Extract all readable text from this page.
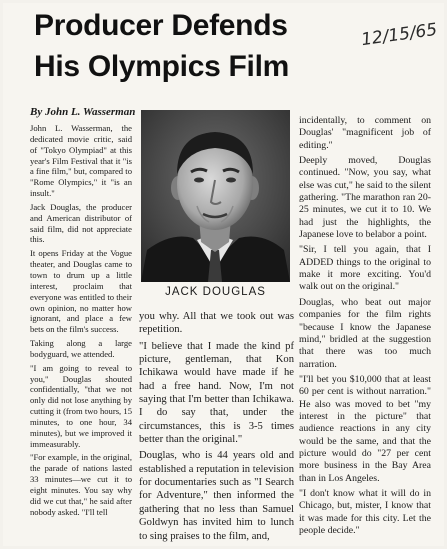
Producer Defends
His Olympics Film
12/15/65
By John L. Wasserman

John L. Wasserman, the dedicated movie critic, said of "Tokyo Olympiad" at this year's Film Festival that it "is a fine film," but, compared to "Rome Olympics," it "is an insult."

Jack Douglas, the producer and American distributor of said film, did not appreciate this.

It opens Friday at the Vogue theater, and Douglas came to town to drum up a little interest, proclaim that everyone was entitled to their own opinion, no matter how ignorant, and place a few bets on the film's success.

Taking along a large bodyguard, we attended.

"I am going to reveal to you," Douglas shouted confidentially, "that we not only did not lose anything by cutting it (from two hours, 15 minutes, to one hour, 34 minutes), but we improved it immeasurably.

"For example, in the original, the parade of nations lasted 33 minutes—we cut it to eight minutes. You say why did we cut that," he said after nobody asked. "I'll tell

JACK DOUGLAS

you why. All that we took out was repetition.

"I believe that I made the kind pf picture, gentleman, that Kon Ichikawa would have made if he had a free hand. Now, I'm not saying that I'm better than Ichikawa. I do say that, under the circumstances, this is 3-5 times better than the original."

Douglas, who is 44 years old and established a reputation in television for documentaries such as "I Search for Adventure," then informed the gathering that no less than Samuel Goldwyn has invited him to lunch to sing praises to the film, and,

incidentally, to comment on Douglas' "magnificent job of editing."

Deeply moved, Douglas continued. "Now, you say, what else was cut," he said to the silent gathering. "The marathon ran 20-25 minutes, we cut it to 10. We had just the highlights, the Japanese love to belabor a point.

"Sir, I tell you again, that I ADDED things to the original to make it more exciting. You'd walk out on the original."

Douglas, who beat out major companies for the film rights "because I know the Japanese mind," bridled at the suggestion that there was too much narration.

"I'll bet you $10,000 that at least 60 per cent is without narration." He also was moved to bet "my interest in the picture" that audience reactions in any city would be the same, and that the picture would do "27 per cent more business in the Bay Area than in Los Angeles.

"I don't know what it will do in Chicago, but, mister, I know that it was made for this city. Let the people decide."
